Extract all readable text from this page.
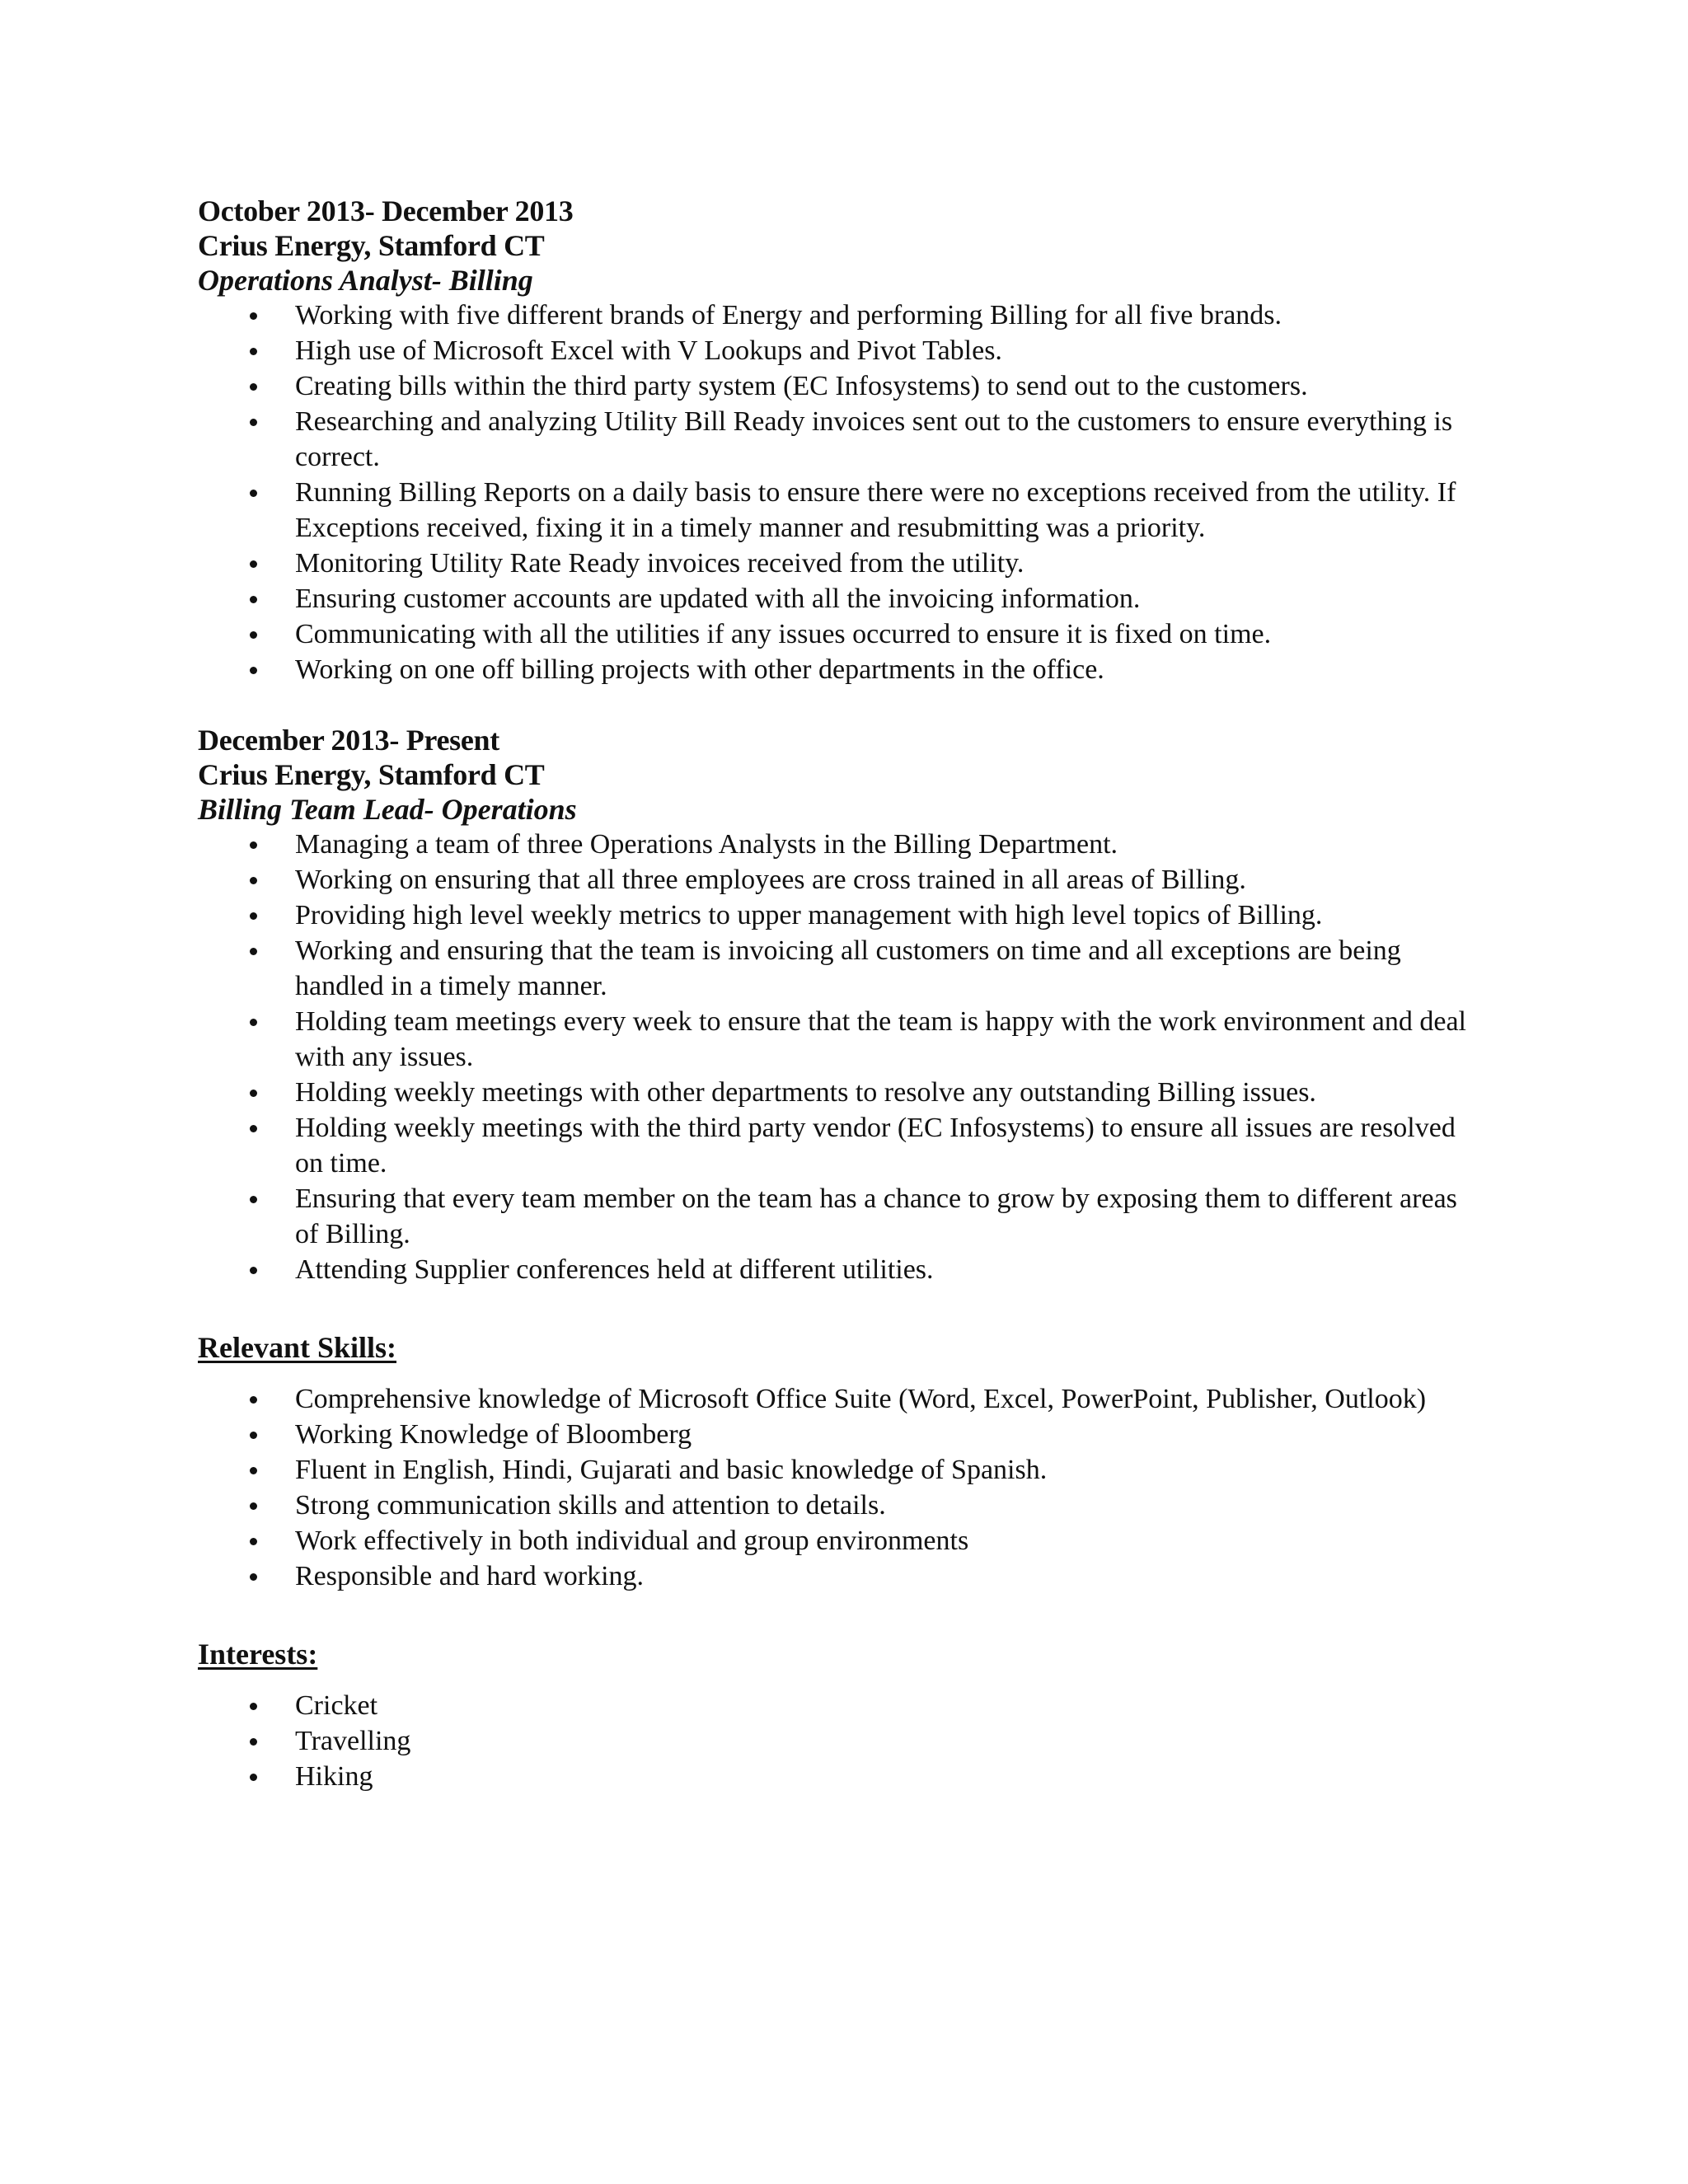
October 2013- December 2013
Crius Energy, Stamford CT
Operations Analyst- Billing
Working with five different brands of Energy and performing Billing for all five brands.
High use of Microsoft Excel with V Lookups and Pivot Tables.
Creating bills within the third party system (EC Infosystems) to send out to the customers.
Researching and analyzing Utility Bill Ready invoices sent out to the customers to ensure everything is correct.
Running Billing Reports on a daily basis to ensure there were no exceptions received from the utility. If Exceptions received, fixing it in a timely manner and resubmitting was a priority.
Monitoring Utility Rate Ready invoices received from the utility.
Ensuring customer accounts are updated with all the invoicing information.
Communicating with all the utilities if any issues occurred to ensure it is fixed on time.
Working on one off billing projects with other departments in the office.
December 2013- Present
Crius Energy, Stamford CT
Billing Team Lead- Operations
Managing a team of three Operations Analysts in the Billing Department.
Working on ensuring that all three employees are cross trained in all areas of Billing.
Providing high level weekly metrics to upper management with high level topics of Billing.
Working and ensuring that the team is invoicing all customers on time and all exceptions are being handled in a timely manner.
Holding team meetings every week to ensure that the team is happy with the work environment and deal with any issues.
Holding weekly meetings with other departments to resolve any outstanding Billing issues.
Holding weekly meetings with the third party vendor (EC Infosystems) to ensure all issues are resolved on time.
Ensuring that every team member on the team has a chance to grow by exposing them to different areas of Billing.
Attending Supplier conferences held at different utilities.
Relevant Skills:
Comprehensive knowledge of Microsoft Office Suite (Word, Excel, PowerPoint, Publisher, Outlook)
Working Knowledge of Bloomberg
Fluent in English, Hindi, Gujarati and basic knowledge of Spanish.
Strong communication skills and attention to details.
Work effectively in both individual and group environments
Responsible and hard working.
Interests:
Cricket
Travelling
Hiking
